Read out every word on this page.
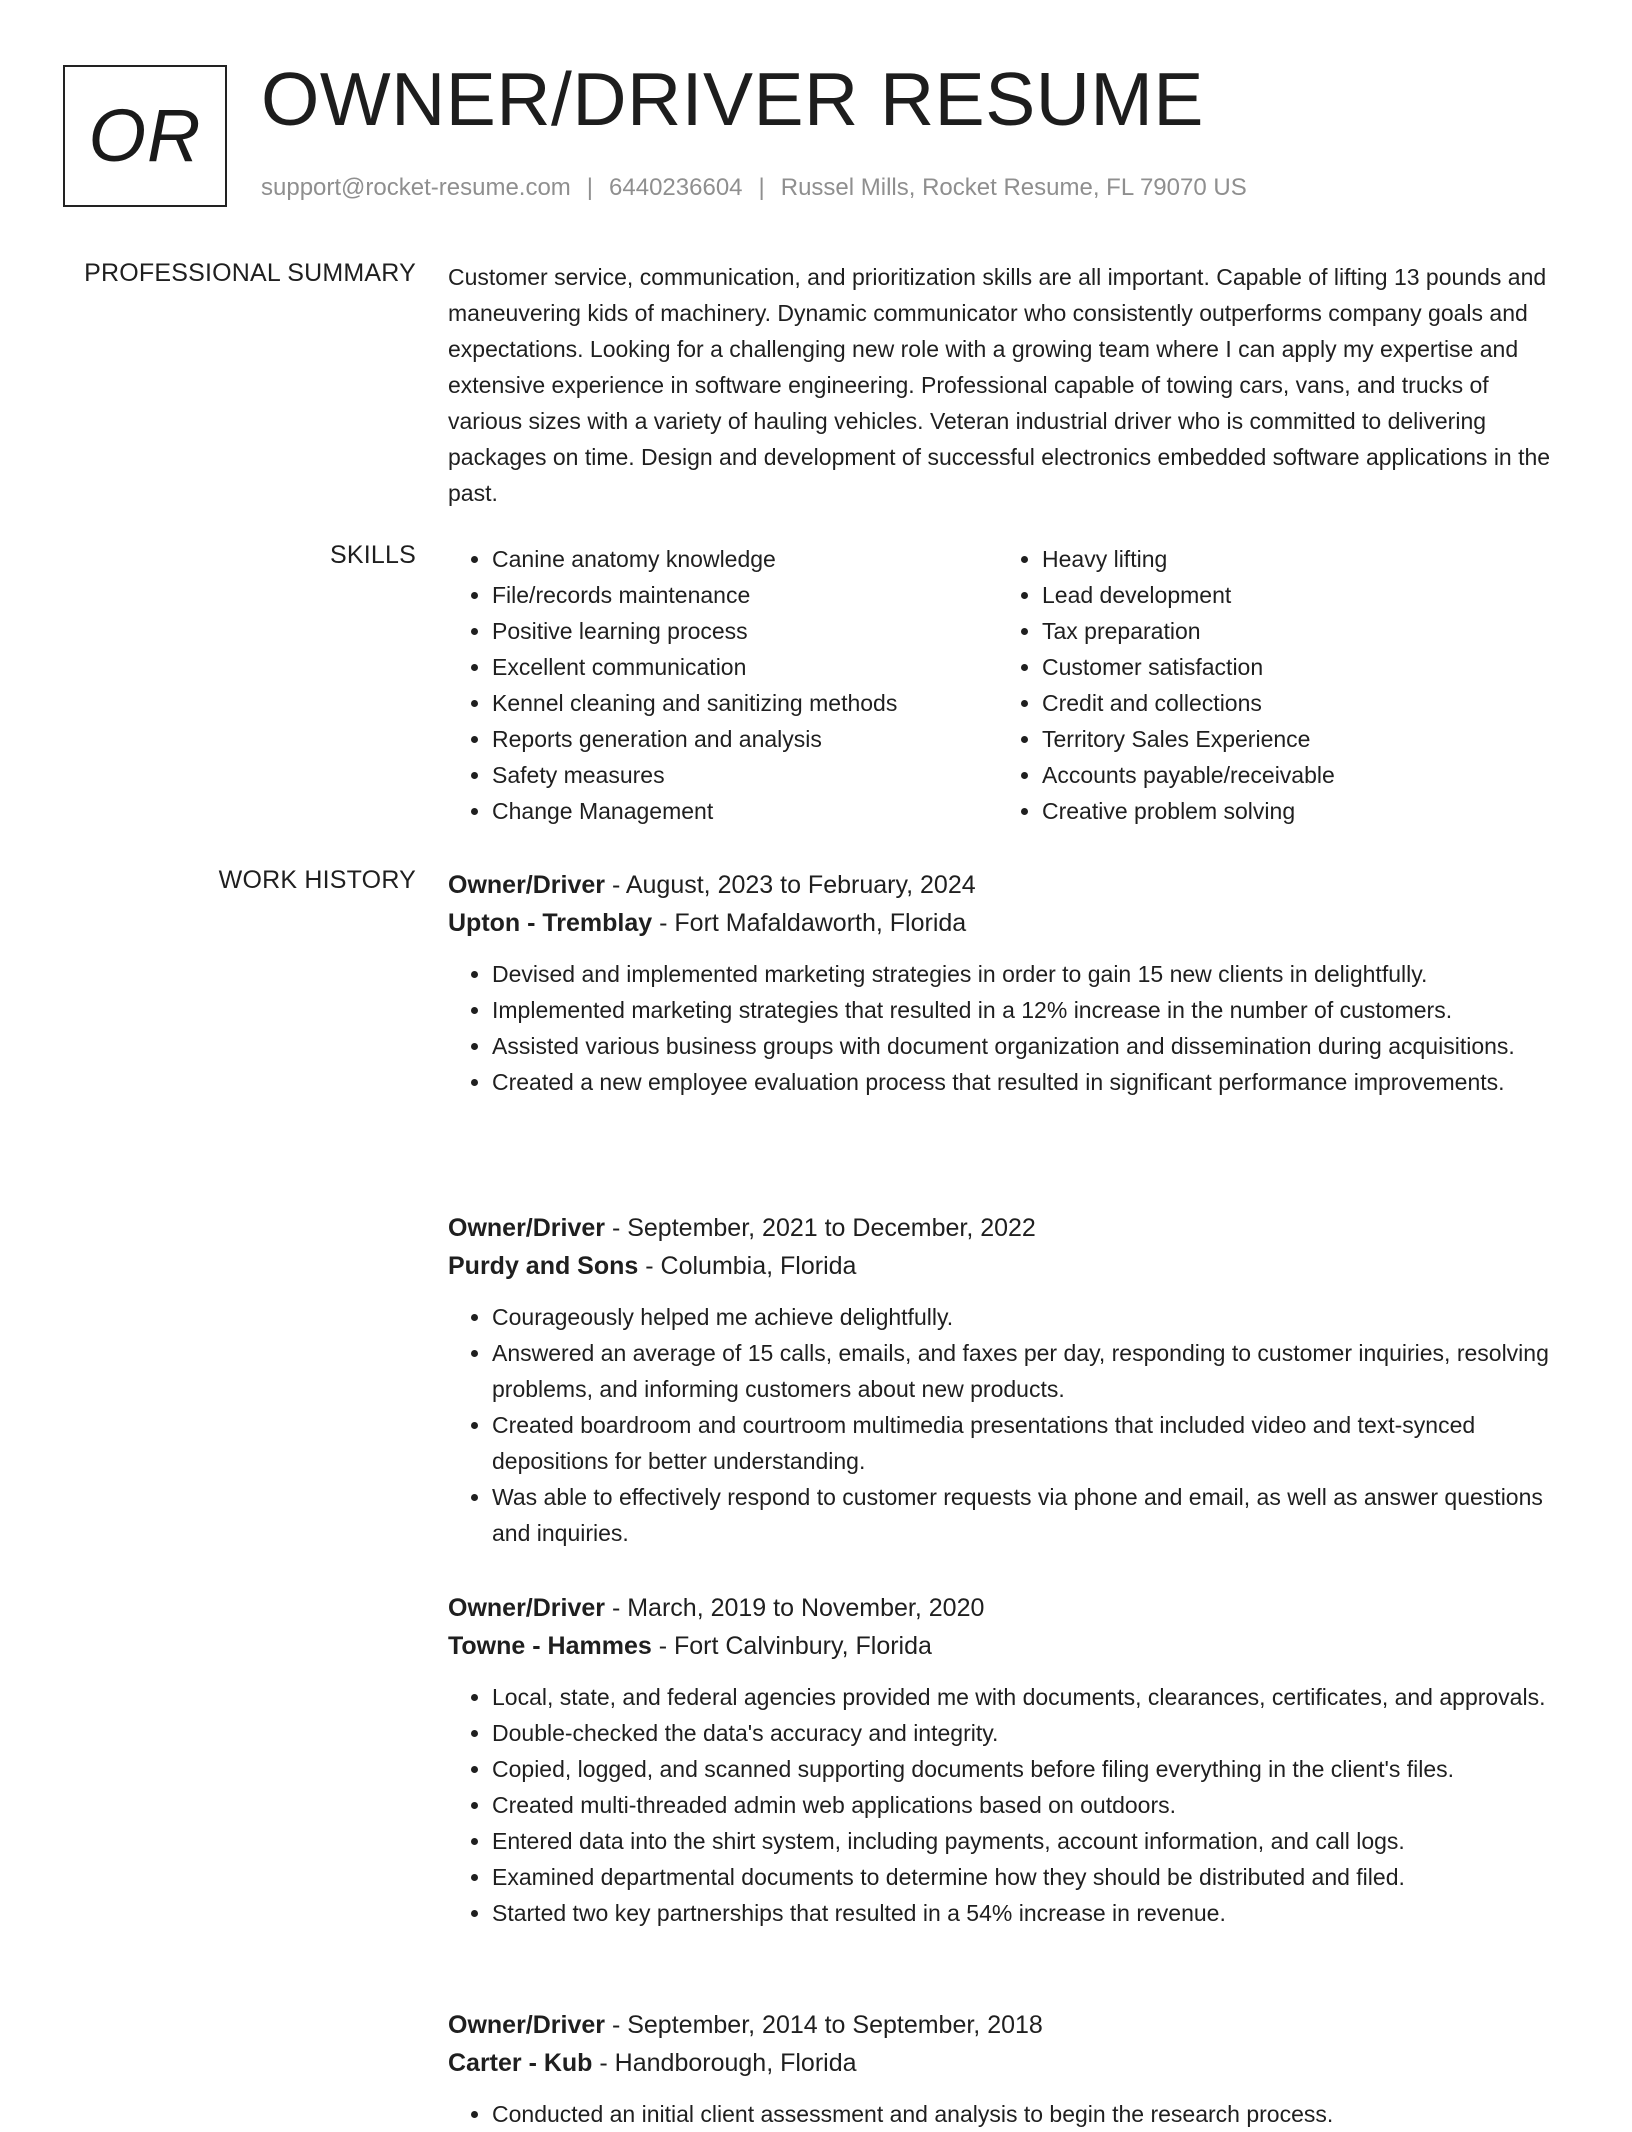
OR OWNER/DRIVER RESUME
support@rocket-resume.com | 6440236604 | Russel Mills, Rocket Resume, FL 79070 US
PROFESSIONAL SUMMARY Customer service, communication, and prioritization skills are all important. Capable of lifting 13 pounds and maneuvering kids of machinery. Dynamic communicator who consistently outperforms company goals and expectations. Looking for a challenging new role with a growing team where I can apply my expertise and extensive experience in software engineering. Professional capable of towing cars, vans, and trucks of various sizes with a variety of hauling vehicles. Veteran industrial driver who is committed to delivering packages on time. Design and development of successful electronics embedded software applications in the past.

SKILLS
•	Canine anatomy knowledge
• File/records maintenance
• Positive learning process
• Excellent communication
• Kennel cleaning and sanitizing methods
• Reports generation and analysis
• Safety measures
• Change Management
• Heavy lifting
• Lead development
• Tax preparation
• Customer satisfaction
• Credit and collections
• Territory Sales Experience
• Accounts payable/receivable
• Creative problem solving
WORK HISTORY Owner/Driver - August, 2023 to February, 2024
Upton - Tremblay - Fort Mafaldaworth, Florida
• Devised and implemented marketing strategies in order to gain 15 new clients in delightfully.
• Implemented marketing strategies that resulted in a 12% increase in the number of customers.
• Assisted various business groups with document organization and dissemination during acquisitions.
• Created a new employee evaluation process that resulted in significant performance improvements.
Owner/Driver - September, 2021 to December, 2022
Purdy and Sons - Columbia, Florida
• Courageously helped me achieve delightfully.
• Answered an average of 15 calls, emails, and faxes per day, responding to customer inquiries, resolving problems, and informing customers about new products.
• Created boardroom and courtroom multimedia presentations that included video and text-synced depositions for better understanding.
• Was able to effectively respond to customer requests via phone and email, as well as answer questions and inquiries.
Owner/Driver - March, 2019 to November, 2020
Towne - Hammes - Fort Calvinbury, Florida
• Local, state, and federal agencies provided me with documents, clearances, certificates, and approvals.
• Double-checked the data's accuracy and integrity.
• Copied, logged, and scanned supporting documents before filing everything in the client's files.
• Created multi-threaded admin web applications based on outdoors.
• Entered data into the shirt system, including payments, account information, and call logs.
• Examined departmental documents to determine how they should be distributed and filed.
• Started two key partnerships that resulted in a 54% increase in revenue.
Owner/Driver - September, 2014 to September, 2018
Carter - Kub - Handborough, Florida
• Conducted an initial client assessment and analysis to begin the research process.
